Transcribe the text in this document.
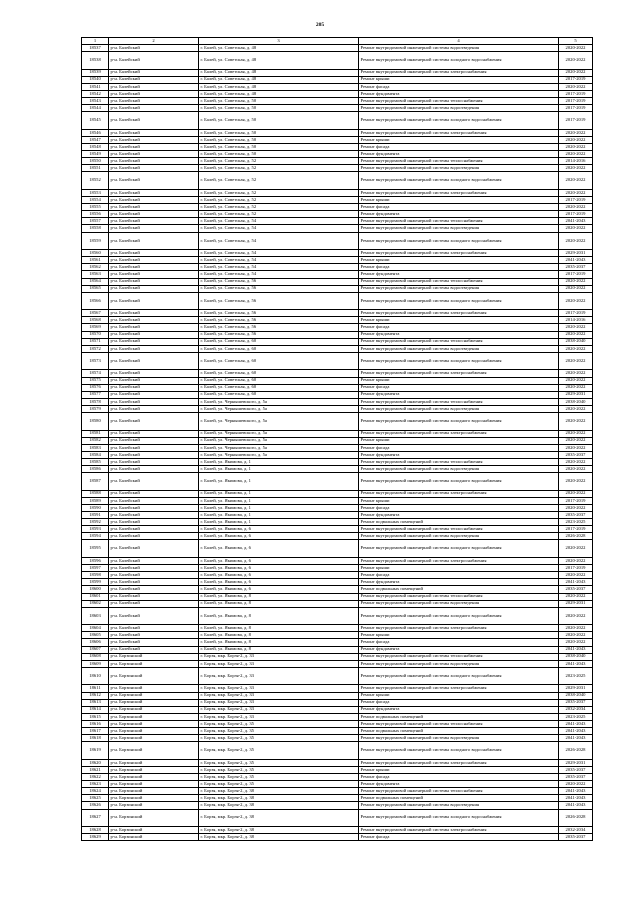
205
1	2	3	4	5
18537	р-н. Балейский	г. Балей, ул. Советская, д. 48	Ремонт внутридомовой инженерной системы водоотведения	2020-2022
18538	р-н. Балейский	г. Балей, ул. Советская, д. 48	Ремонт внутридомовой инженерной системы холодного водоснабжения	2020-2022
18539	р-н. Балейский	г. Балей, ул. Советская, д. 48	Ремонт внутридомовой инженерной системы электроснабжения	2020-2022
18540	р-н. Балейский	г. Балей, ул. Советская, д. 48	Ремонт крыши	2017-2019
18541	р-н. Балейский	г. Балей, ул. Советская, д. 48	Ремонт фасада	2020-2022
18542	р-н. Балейский	г. Балей, ул. Советская, д. 48	Ремонт фундамента	2017-2019
18543	р-н. Балейский	г. Балей, ул. Советская, д. 50	Ремонт внутридомовой инженерной системы теплоснабжения	2017-2019
18544	р-н. Балейский	г. Балей, ул. Советская, д. 50	Ремонт внутридомовой инженерной системы водоотведения	2017-2019
18545	р-н. Балейский	г. Балей, ул. Советская, д. 50	Ремонт внутридомовой инженерной системы холодного водоснабжения	2017-2019
18546	р-н. Балейский	г. Балей, ул. Советская, д. 50	Ремонт внутридомовой инженерной системы электроснабжения	2020-2022
18547	р-н. Балейский	г. Балей, ул. Советская, д. 50	Ремонт крыши	2020-2022
18548	р-н. Балейский	г. Балей, ул. Советская, д. 50	Ремонт фасада	2020-2022
18549	р-н. Балейский	г. Балей, ул. Советская, д. 50	Ремонт фундамента	2020-2022
18550	р-н. Балейский	г. Балей, ул. Советская, д. 52	Ремонт внутридомовой инженерной системы теплоснабжения	2014-2016
18551	р-н. Балейский	г. Балей, ул. Советская, д. 52	Ремонт внутридомовой инженерной системы водоотведения	2020-2022
18552	р-н. Балейский	г. Балей, ул. Советская, д. 52	Ремонт внутридомовой инженерной системы холодного водоснабжения	2020-2022
18553	р-н. Балейский	г. Балей, ул. Советская, д. 52	Ремонт внутридомовой инженерной системы электроснабжения	2020-2022
18554	р-н. Балейский	г. Балей, ул. Советская, д. 52	Ремонт крыши	2017-2019
18555	р-н. Балейский	г. Балей, ул. Советская, д. 52	Ремонт фасада	2020-2022
18556	р-н. Балейский	г. Балей, ул. Советская, д. 52	Ремонт фундамента	2017-2019
18557	р-н. Балейский	г. Балей, ул. Советская, д. 54	Ремонт внутридомовой инженерной системы теплоснабжения	2041-2043
18558	р-н. Балейский	г. Балей, ул. Советская, д. 54	Ремонт внутридомовой инженерной системы водоотведения	2020-2022
18559	р-н. Балейский	г. Балей, ул. Советская, д. 54	Ремонт внутридомовой инженерной системы холодного водоснабжения	2020-2022
18560	р-н. Балейский	г. Балей, ул. Советская, д. 54	Ремонт внутридомовой инженерной системы электроснабжения	2029-2031
18561	р-н. Балейский	г. Балей, ул. Советская, д. 54	Ремонт крыши	2041-2043
18562	р-н. Балейский	г. Балей, ул. Советская, д. 54	Ремонт фасада	2035-2037
18563	р-н. Балейский	г. Балей, ул. Советская, д. 54	Ремонт фундамента	2017-2019
18564	р-н. Балейский	г. Балей, ул. Советская, д. 56	Ремонт внутридомовой инженерной системы теплоснабжения	2020-2022
18565	р-н. Балейский	г. Балей, ул. Советская, д. 56	Ремонт внутридомовой инженерной системы водоотведения	2020-2022
18566	р-н. Балейский	г. Балей, ул. Советская, д. 56	Ремонт внутридомовой инженерной системы холодного водоснабжения	2020-2022
18567	р-н. Балейский	г. Балей, ул. Советская, д. 56	Ремонт внутридомовой инженерной системы электроснабжения	2017-2019
18568	р-н. Балейский	г. Балей, ул. Советская, д. 56	Ремонт крыши	2014-2016
18569	р-н. Балейский	г. Балей, ул. Советская, д. 56	Ремонт фасада	2020-2022
18570	р-н. Балейский	г. Балей, ул. Советская, д. 56	Ремонт фундамента	2020-2022
18571	р-н. Балейский	г. Балей, ул. Советская, д. 60	Ремонт внутридомовой инженерной системы теплоснабжения	2038-2040
18572	р-н. Балейский	г. Балей, ул. Советская, д. 60	Ремонт внутридомовой инженерной системы водоотведения	2020-2022
18573	р-н. Балейский	г. Балей, ул. Советская, д. 60	Ремонт внутридомовой инженерной системы холодного водоснабжения	2020-2022
18574	р-н. Балейский	г. Балей, ул. Советская, д. 60	Ремонт внутридомовой инженерной системы электроснабжения	2020-2022
18575	р-н. Балейский	г. Балей, ул. Советская, д. 60	Ремонт крыши	2020-2022
18576	р-н. Балейский	г. Балей, ул. Советская, д. 60	Ремонт фасада	2020-2022
18577	р-н. Балейский	г. Балей, ул. Советская, д. 60	Ремонт фундамента	2029-2031
18578	р-н. Балейский	г. Балей, ул. Чернышевского, д. 5а	Ремонт внутридомовой инженерной системы теплоснабжения	2038-2040
18579	р-н. Балейский	г. Балей, ул. Чернышевского, д. 5а	Ремонт внутридомовой инженерной системы водоотведения	2020-2022
18580	р-н. Балейский	г. Балей, ул. Чернышевского, д. 5а	Ремонт внутридомовой инженерной системы холодного водоснабжения	2020-2022
18581	р-н. Балейский	г. Балей, ул. Чернышевского, д. 5а	Ремонт внутридомовой инженерной системы электроснабжения	2020-2022
18582	р-н. Балейский	г. Балей, ул. Чернышевского, д. 5а	Ремонт крыши	2020-2022
18583	р-н. Балейский	г. Балей, ул. Чернышевского, д. 5а	Ремонт фасада	2020-2022
18584	р-н. Балейский	г. Балей, ул. Чернышевского, д. 5а	Ремонт фундамента	2035-2037
18585	р-н. Балейский	г. Балей, ул. Якимова, д. 1	Ремонт внутридомовой инженерной системы теплоснабжения	2020-2022
18586	р-н. Балейский	г. Балей, ул. Якимова, д. 1	Ремонт внутридомовой инженерной системы водоотведения	2020-2022
18587	р-н. Балейский	г. Балей, ул. Якимова, д. 1	Ремонт внутридомовой инженерной системы холодного водоснабжения	2020-2022
18588	р-н. Балейский	г. Балей, ул. Якимова, д. 1	Ремонт внутридомовой инженерной системы электроснабжения	2020-2022
18589	р-н. Балейский	г. Балей, ул. Якимова, д. 1	Ремонт крыши	2017-2019
18590	р-н. Балейский	г. Балей, ул. Якимова, д. 1	Ремонт фасада	2020-2022
18591	р-н. Балейский	г. Балей, ул. Якимова, д. 1	Ремонт фундамента	2035-2037
18592	р-н. Балейский	г. Балей, ул. Якимова, д. 1	Ремонт подвальных помещений	2023-2025
18593	р-н. Балейский	г. Балей, ул. Якимова, д. 6	Ремонт внутридомовой инженерной системы теплоснабжения	2017-2019
18594	р-н. Балейский	г. Балей, ул. Якимова, д. 6	Ремонт внутридомовой инженерной системы водоотведения	2026-2028
18595	р-н. Балейский	г. Балей, ул. Якимова, д. 6	Ремонт внутридомовой инженерной системы холодного водоснабжения	2020-2022
18596	р-н. Балейский	г. Балей, ул. Якимова, д. 6	Ремонт внутридомовой инженерной системы электроснабжения	2020-2022
18597	р-н. Балейский	г. Балей, ул. Якимова, д. 6	Ремонт крыши	2017-2019
18598	р-н. Балейский	г. Балей, ул. Якимова, д. 6	Ремонт фасада	2020-2022
18599	р-н. Балейский	г. Балей, ул. Якимова, д. 6	Ремонт фундамента	2041-2043
18600	р-н. Балейский	г. Балей, ул. Якимова, д. 6	Ремонт подвальных помещений	2035-2037
18601	р-н. Балейский	г. Балей, ул. Якимова, д. 8	Ремонт внутридомовой инженерной системы теплоснабжения	2020-2022
18602	р-н. Балейский	г. Балей, ул. Якимова, д. 8	Ремонт внутридомовой инженерной системы водоотведения	2029-2031
18603	р-н. Балейский	г. Балей, ул. Якимова, д. 8	Ремонт внутридомовой инженерной системы холодного водоснабжения	2020-2022
18604	р-н. Балейский	г. Балей, ул. Якимова, д. 8	Ремонт внутридомовой инженерной системы электроснабжения	2020-2022
18605	р-н. Балейский	г. Балей, ул. Якимова, д. 8	Ремонт крыши	2020-2022
18606	р-н. Балейский	г. Балей, ул. Якимова, д. 8	Ремонт фасада	2020-2022
18607	р-н. Балейский	г. Балей, ул. Якимова, д. 8	Ремонт фундамента	2041-2043
18608	р-н. Борзинский	г. Борзя, мкр. Борзя-2, д. 33	Ремонт внутридомовой инженерной системы теплоснабжения	2038-2040
18609	р-н. Борзинский	г. Борзя, мкр. Борзя-2, д. 33	Ремонт внутридомовой инженерной системы водоотведения	2041-2043
18610	р-н. Борзинский	г. Борзя, мкр. Борзя-2, д. 33	Ремонт внутридомовой инженерной системы холодного водоснабжения	2023-2025
18611	р-н. Борзинский	г. Борзя, мкр. Борзя-2, д. 33	Ремонт внутридомовой инженерной системы электроснабжения	2029-2031
18612	р-н. Борзинский	г. Борзя, мкр. Борзя-2, д. 33	Ремонт крыши	2038-2040
18613	р-н. Борзинский	г. Борзя, мкр. Борзя-2, д. 33	Ремонт фасада	2035-2037
18614	р-н. Борзинский	г. Борзя, мкр. Борзя-2, д. 33	Ремонт фундамента	2032-2034
18615	р-н. Борзинский	г. Борзя, мкр. Борзя-2, д. 33	Ремонт подвальных помещений	2023-2025
18616	р-н. Борзинский	г. Борзя, мкр. Борзя-2, д. 35	Ремонт внутридомовой инженерной системы теплоснабжения	2041-2043
18617	р-н. Борзинский	г. Борзя, мкр. Борзя-2, д. 35	Ремонт подвальных помещений	2041-2043
18618	р-н. Борзинский	г. Борзя, мкр. Борзя-2, д. 35	Ремонт внутридомовой инженерной системы водоотведения	2041-2043
18619	р-н. Борзинский	г. Борзя, мкр. Борзя-2, д. 35	Ремонт внутридомовой инженерной системы холодного водоснабжения	2026-2028
18620	р-н. Борзинский	г. Борзя, мкр. Борзя-2, д. 35	Ремонт внутридомовой инженерной системы электроснабжения	2029-2031
18621	р-н. Борзинский	г. Борзя, мкр. Борзя-2, д. 35	Ремонт крыши	2035-2037
18622	р-н. Борзинский	г. Борзя, мкр. Борзя-2, д. 35	Ремонт фасада	2035-2037
18623	р-н. Борзинский	г. Борзя, мкр. Борзя-2, д. 35	Ремонт фундамента	2020-2022
18624	р-н. Борзинский	г. Борзя, мкр. Борзя-2, д. 38	Ремонт внутридомовой инженерной системы теплоснабжения	2041-2043
18625	р-н. Борзинский	г. Борзя, мкр. Борзя-2, д. 38	Ремонт подвальных помещений	2041-2043
18626	р-н. Борзинский	г. Борзя, мкр. Борзя-2, д. 38	Ремонт внутридомовой инженерной системы водоотведения	2041-2043
18627	р-н. Борзинский	г. Борзя, мкр. Борзя-2, д. 38	Ремонт внутридомовой инженерной системы холодного водоснабжения	2026-2028
18628	р-н. Борзинский	г. Борзя, мкр. Борзя-2, д. 38	Ремонт внутридомовой инженерной системы электроснабжения	2032-2034
18629	р-н. Борзинский	г. Борзя, мкр. Борзя-2, д. 38	Ремонт фасада	2035-2037
